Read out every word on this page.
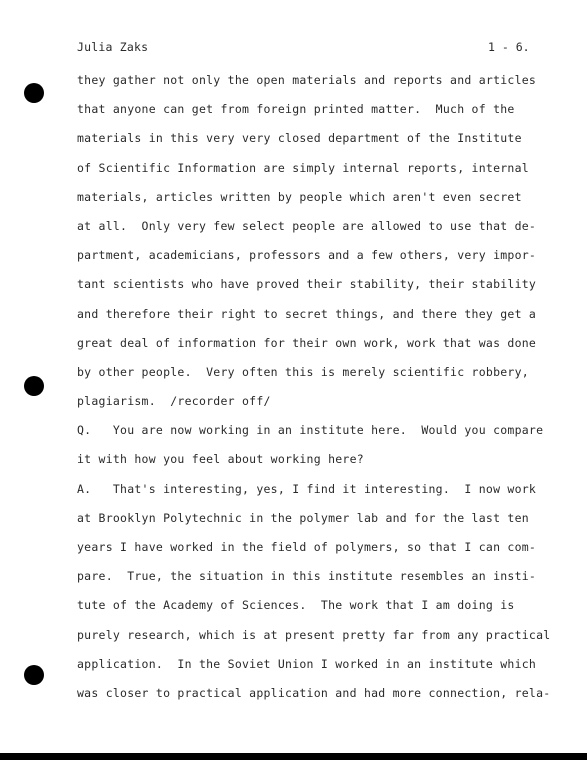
Julia Zaks	1 - 6.
they gather not only the open materials and reports and articles
that anyone can get from foreign printed matter.  Much of the
materials in this very very closed department of the Institute
of Scientific Information are simply internal reports, internal
materials, articles written by people which aren't even secret
at all.  Only very few select people are allowed to use that de-
partment, academicians, professors and a few others, very impor-
tant scientists who have proved their stability, their stability
and therefore their right to secret things, and there they get a
great deal of information for their own work, work that was done
by other people.  Very often this is merely scientific robbery,
plagiarism.  /recorder off/
Q.   You are now working in an institute here.  Would you compare
it with how you feel about working here?
A.   That's interesting, yes, I find it interesting.  I now work
at Brooklyn Polytechnic in the polymer lab and for the last ten
years I have worked in the field of polymers, so that I can com-
pare.  True, the situation in this institute resembles an insti-
tute of the Academy of Sciences.  The work that I am doing is
purely research, which is at present pretty far from any practical
application.  In the Soviet Union I worked in an institute which
was closer to practical application and had more connection, rela-
